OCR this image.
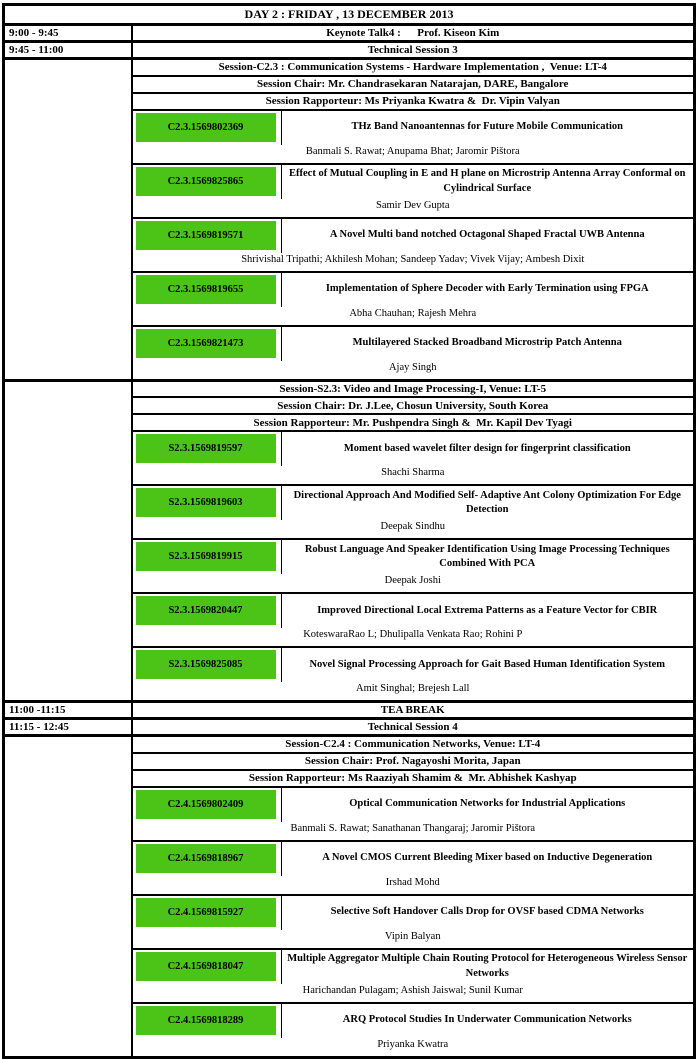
DAY 2 : FRIDAY , 13 DECEMBER 2013	
9:00 - 9:45	Keynote Talk4 :      Prof. Kiseon Kim
9:45 - 11:00	Technical Session 3
	Session-C2.3 : Communication Systems - Hardware Implementation ,  Venue: LT-4
	Session Chair: Mr. Chandrasekaran Natarajan, DARE, Bangalore
	Session Rapporteur: Ms Priyanka Kwatra &  Dr. Vipin Valyan

C2.3.1569802369 THz Band Nanoantennas for Future Mobile Communication
Banmali S. Rawat; Anupama Bhat; Jaromir Pištora

C2.3.1569825865
Effect of Mutual Coupling in E and H plane on Microstrip Antenna Array Conformal on Cylindrical Surface
Samir Dev Gupta

C2.3.1569819571 A Novel Multi band notched Octagonal Shaped Fractal UWB Antenna
Shrivishal Tripathi; Akhilesh Mohan; Sandeep Yadav; Vivek Vijay; Ambesh Dixit

C2.3.1569819655 Implementation of Sphere Decoder with Early Termination using FPGA
Abha Chauhan; Rajesh Mehra

C2.3.1569821473 Multilayered Stacked Broadband Microstrip Patch Antenna
Ajay Singh

	Session-S2.3: Video and Image Processing-I, Venue: LT-5
	Session Chair: Dr. J.Lee, Chosun University, South Korea
	Session Rapporteur: Mr. Pushpendra Singh &  Mr. Kapil Dev Tyagi

S2.3.1569819597 Moment based wavelet filter design for fingerprint classification
Shachi Sharma

S2.3.1569819603
Directional Approach And Modified Self- Adaptive Ant Colony Optimization For Edge Detection
Deepak Sindhu

S2.3.1569819915
Robust Language And Speaker Identification Using Image Processing Techniques Combined With PCA
Deepak Joshi

S2.3.1569820447 Improved Directional Local Extrema Patterns as a Feature Vector for CBIR
KoteswaraRao L; Dhulipalla Venkata Rao; Rohini P

S2.3.1569825085 Novel Signal Processing Approach for Gait Based Human Identification System
Amit Singhal; Brejesh Lall

11:00 -11:15	TEA BREAK
11:15 - 12:45	Technical Session 4
	Session-C2.4 : Communication Networks, Venue: LT-4
	Session Chair: Prof. Nagayoshi Morita, Japan
	Session Rapporteur: Ms Raaziyah Shamim &  Mr. Abhishek Kashyap

C2.4.1569802409 Optical Communication Networks for Industrial Applications
Banmali S. Rawat; Sanathanan Thangaraj; Jaromir Pištora

C2.4.1569818967 A Novel CMOS Current Bleeding Mixer based on Inductive Degeneration
Irshad Mohd

C2.4.1569815927 Selective Soft Handover Calls Drop for OVSF based CDMA Networks
Vipin Balyan

C2.4.1569818047
Multiple Aggregator Multiple Chain Routing Protocol for Heterogeneous Wireless Sensor Networks
Harichandan Pulagam; Ashish Jaiswal; Sunil Kumar

C2.4.1569818289 ARQ Protocol Studies In Underwater Communication Networks
Priyanka Kwatra
